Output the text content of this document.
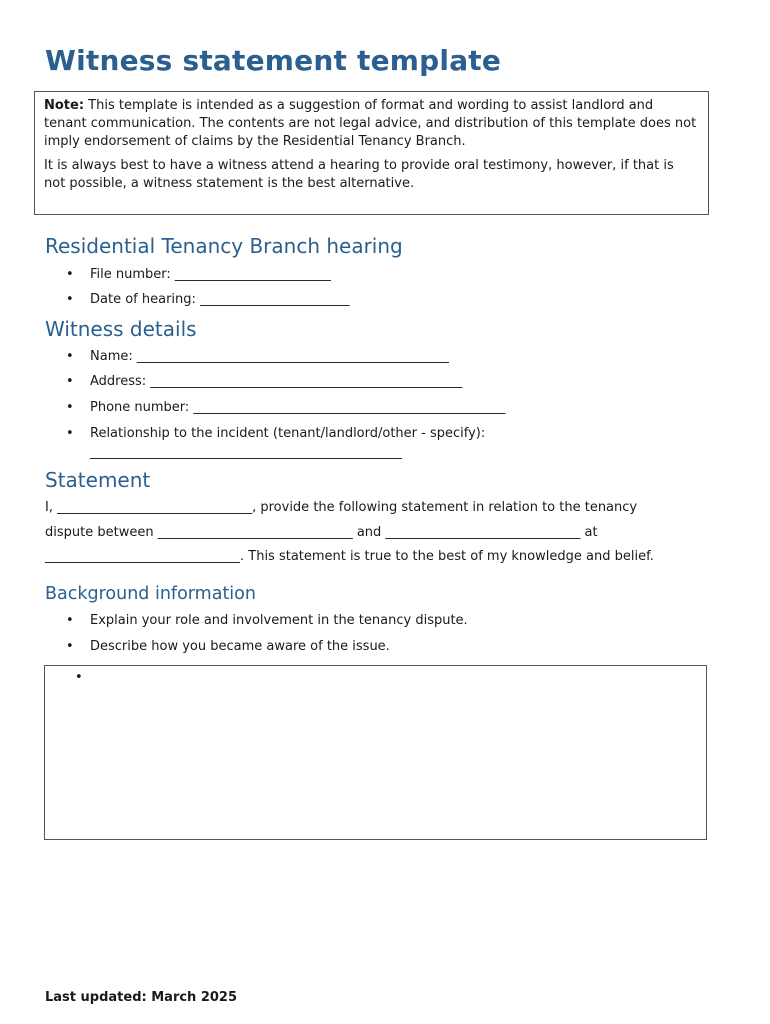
Witness statement template

Note: This template is intended as a suggestion of format and wording to assist landlord and tenant communication. The contents are not legal advice, and distribution of this template does not imply endorsement of claims by the Residential Tenancy Branch.

It is always best to have a witness attend a hearing to provide oral testimony, however, if that is not possible, a witness statement is the best alternative.

Residential Tenancy Branch hearing
• File number: ________________________
• Date of hearing: _______________________
Witness details
• Name: ________________________________________________
• Address: ________________________________________________
• Phone number: ________________________________________________
• Relationship to the incident (tenant/landlord/other - specify):
________________________________________________
Statement
I, ______________________________, provide the following statement in relation to the tenancy
dispute between ______________________________ and ______________________________ at
______________________________. This statement is true to the best of my knowledge and belief.
Background information
• Explain your role and involvement in the tenancy dispute.
• Describe how you became aware of the issue.
•
Last updated: March 2025
